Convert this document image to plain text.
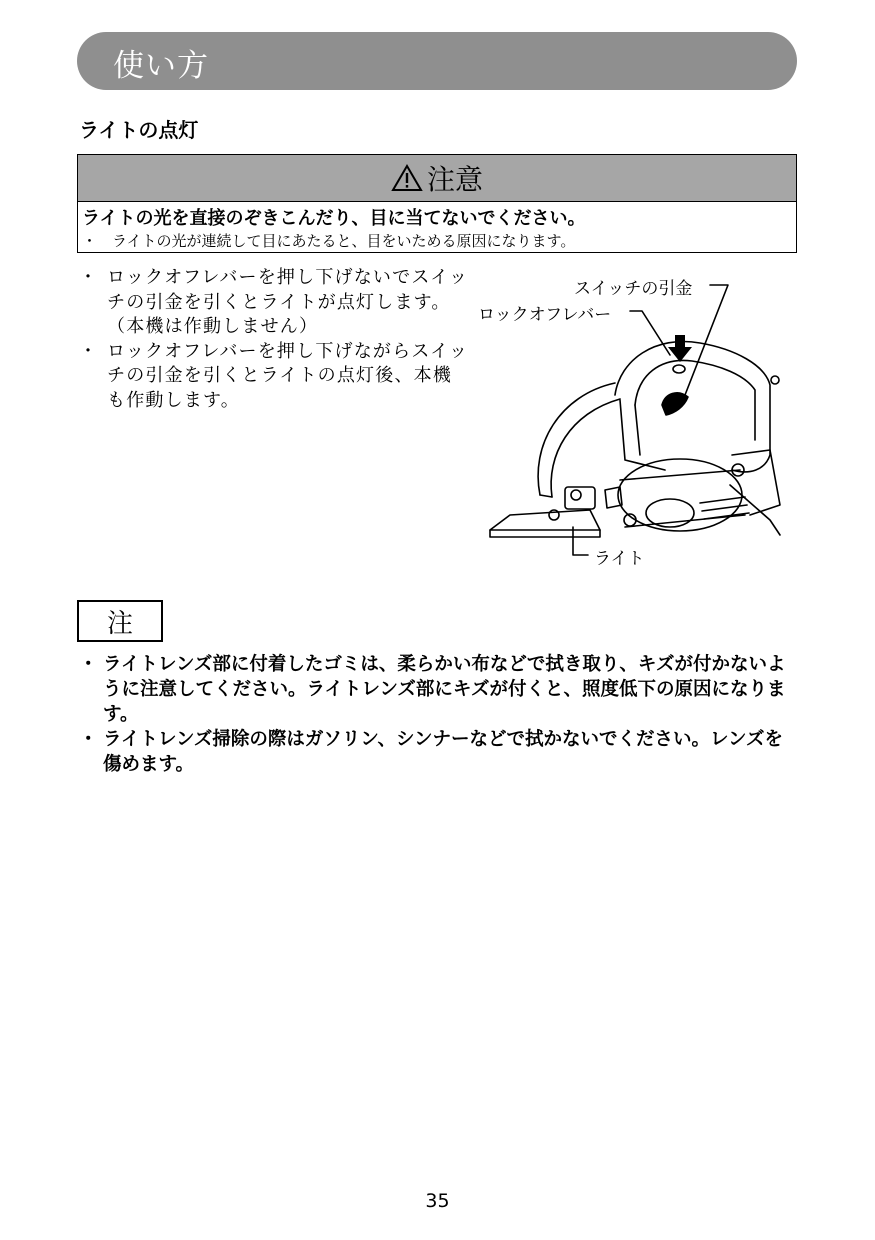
使い方
ライトの点灯
注意
ライトの光を直接のぞきこんだり、目に当てないでください。
・ ライトの光が連続して目にあたると、目をいためる原因になります。
・ ロックオフレバーを押し下げないでスイッチの引金を引くとライトが点灯します。（本機は作動しません）
・ ロックオフレバーを押し下げながらスイッチの引金を引くとライトの点灯後、本機も作動します。
スイッチの引金
ロックオフレバー
ライト
注
・ ライトレンズ部に付着したゴミは、柔らかい布などで拭き取り、キズが付かないように注意してください。ライトレンズ部にキズが付くと、照度低下の原因になります。
・ ライトレンズ掃除の際はガソリン、シンナーなどで拭かないでください。レンズを傷めます。
35
